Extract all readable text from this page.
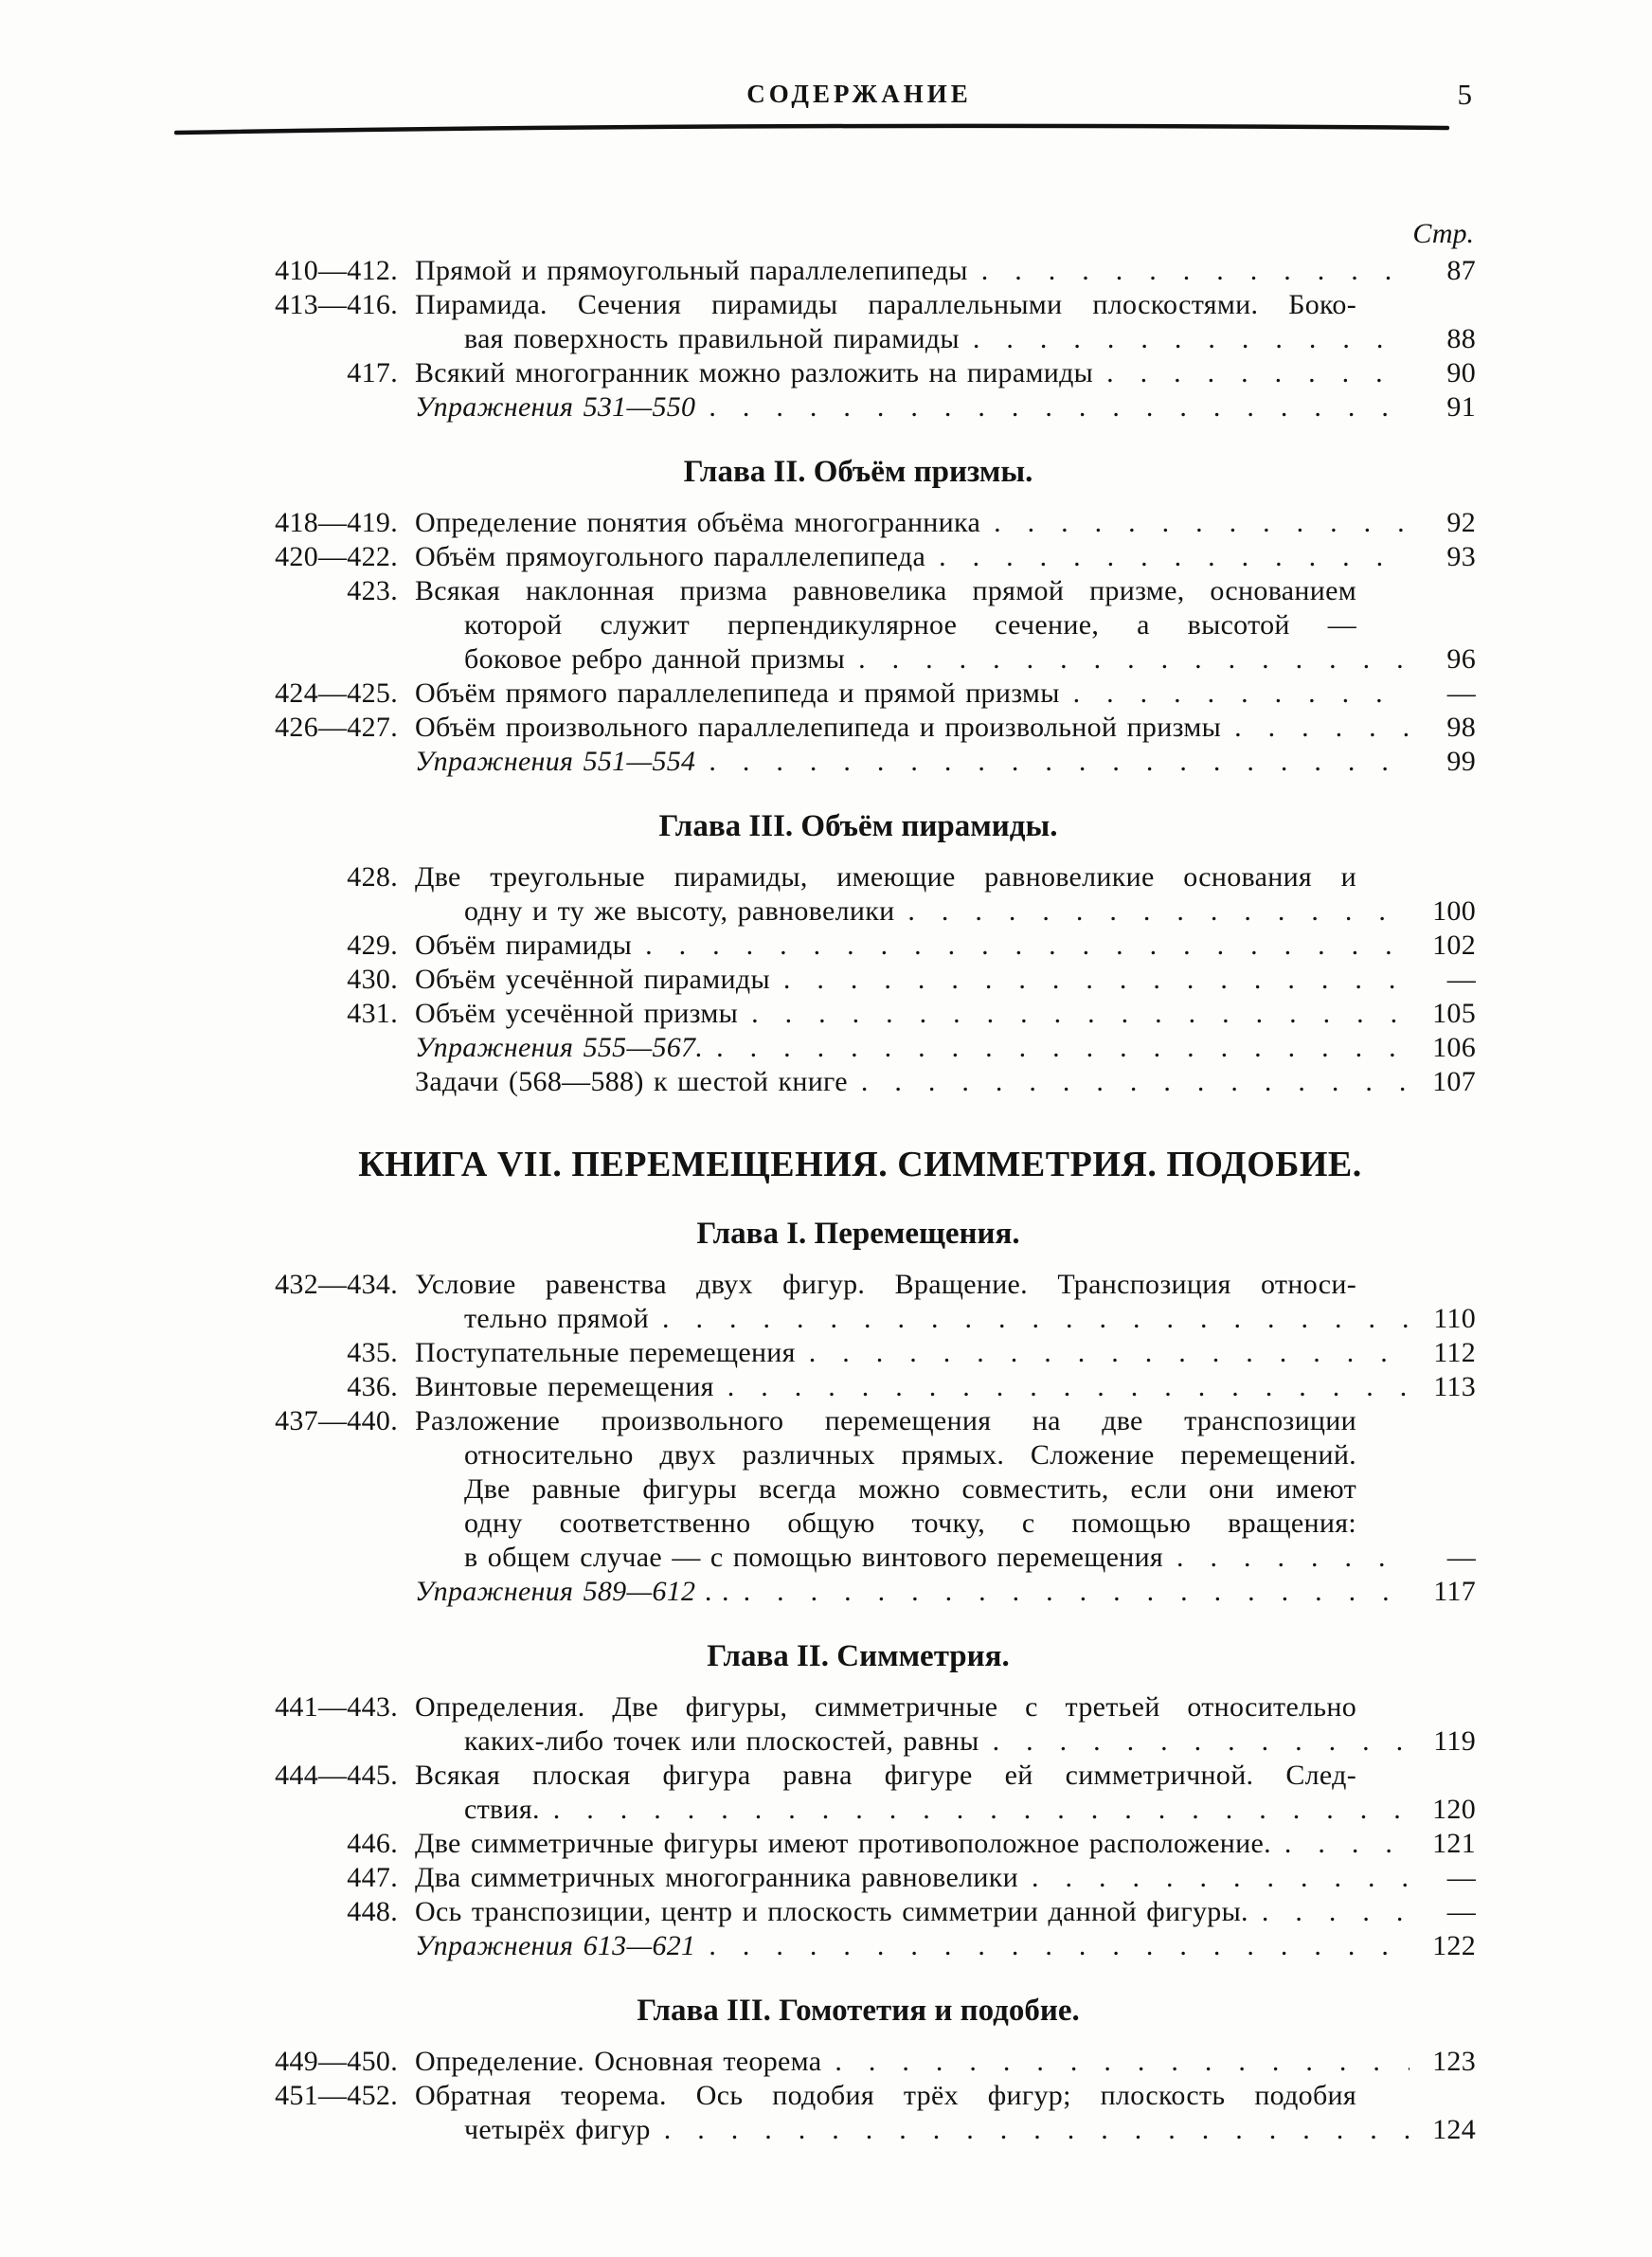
СОДЕРЖАНИЕ	5
Стр.
410—412. Прямой и прямоугольный параллелепипеды . . .	87
413—416. Пирамида. Сечения пирамиды параллельными плоскостями. Боко-
вая поверхность правильной пирамиды . . .	88
417. Всякий многогранник можно разложить на пирамиды . . .	90
Упражнения 531—550 . . .	91
Глава II. Объём призмы.
418—419. Определение понятия объёма многогранника . . .	92
420—422. Объём прямоугольного параллелепипеда . . .	93
423. Всякая наклонная призма равновелика прямой призме, основанием
которой служит перпендикулярное сечение, а высотой —
боковое ребро данной призмы . . .	96
424—425. Объём прямого параллелепипеда и прямой призмы . . .	—
426—427. Объём произвольного параллелепипеда и произвольной призмы . . .	98
Упражнения 551—554 . . .	99
Глава III. Объём пирамиды.
428. Две треугольные пирамиды, имеющие равновеликие основания и
одну и ту же высоту, равновелики . . .	100
429. Объём пирамиды . . .	102
430. Объём усечённой пирамиды . . .	—
431. Объём усечённой призмы . . .	105
Упражнения 555—567. . . .	106
Задачи (568—588) к шестой книге . . .	107
КНИГА VII. ПЕРЕМЕЩЕНИЯ. СИММЕТРИЯ. ПОДОБИЕ.
Глава I. Перемещения.
432—434. Условие равенства двух фигур. Вращение. Транспозиция относи-
тельно прямой . . .	110
435. Поступательные перемещения . . .	112
436. Винтовые перемещения . . .	113
437—440. Разложение произвольного перемещения на две транспозиции
относительно двух различных прямых. Сложение перемещений.
Две равные фигуры всегда можно совместить, если они имеют
одну соответственно общую точку, с помощью вращения:
в общем случае — с помощью винтового перемещения . . .	—
Упражнения 589—612 . . . . .	117
Глава II. Симметрия.
441—443. Определения. Две фигуры, симметричные с третьей относительно
каких-либо точек или плоскостей, равны . . .	119
444—445. Всякая плоская фигура равна фигуре ей симметричной. След-
ствия. . . .	120
446. Две симметричные фигуры имеют противоположное расположение. . . .	121
447. Два симметричных многогранника равновелики . . .	—
448. Ось транспозиции, центр и плоскость симметрии данной фигуры. . . .	—
Упражнения 613—621 . . .	122
Глава III. Гомотетия и подобие.
449—450. Определение. Основная теорема . . .	123
451—452. Обратная теорема. Ось подобия трёх фигур; плоскость подобия
четырёх фигур . . .	124
